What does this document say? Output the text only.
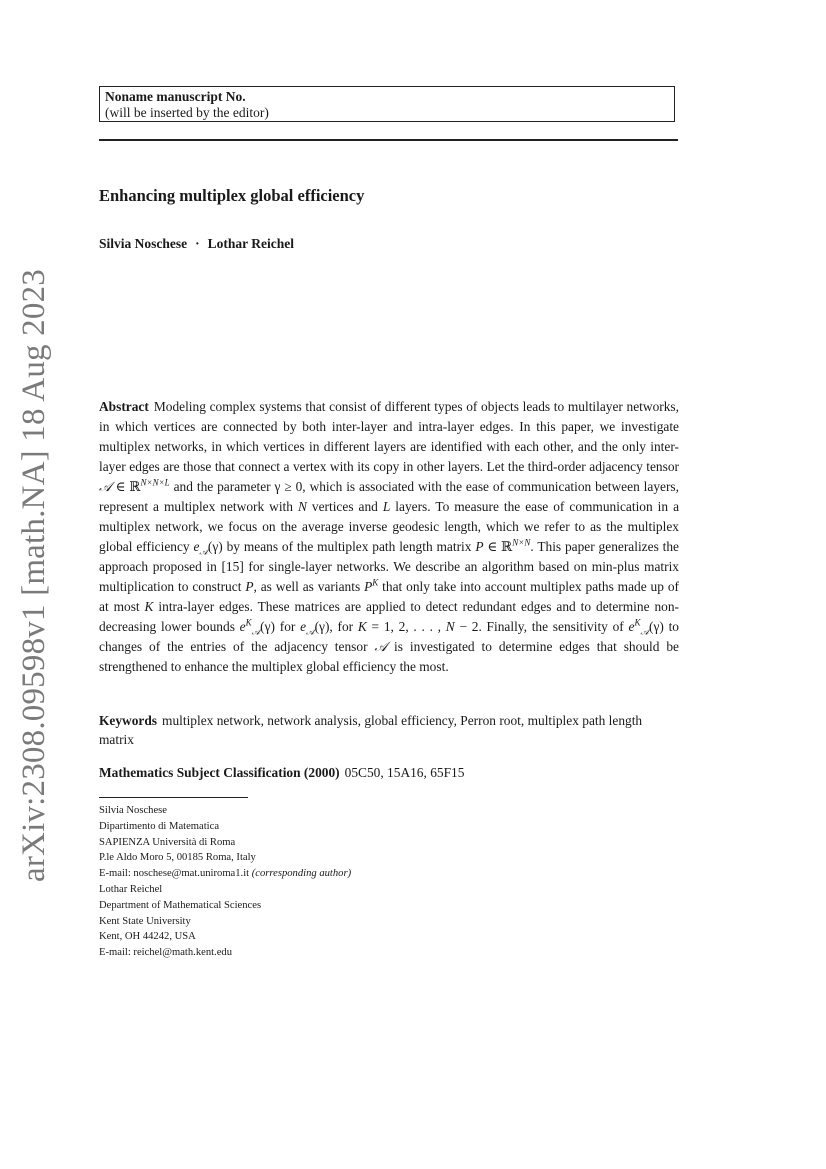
arXiv:2308.09598v1 [math.NA] 18 Aug 2023
Noname manuscript No.
(will be inserted by the editor)
Enhancing multiplex global efficiency
Silvia Noschese · Lothar Reichel

Abstract Modeling complex systems that consist of different types of objects leads to multilayer networks, in which vertices are connected by both inter-layer and intra-layer edges. In this paper, we investigate multiplex networks, in which vertices in different layers are identified with each other, and the only inter-layer edges are those that connect a vertex with its copy in other layers. Let the third-order adjacency tensor 𝒜 ∈ ℝ$^{N\times N\times L}$ and the parameter γ ≥ 0, which is associated with the ease of communication between layers, represent a multiplex network with N vertices and L layers. To measure the ease of communication in a multiplex network, we focus on the average inverse geodesic length, which we refer to as the multiplex global efficiency $e_𝒜(\gamma)$ by means of the multiplex path length matrix P ∈ ℝ$^{N\times N}$. This paper generalizes the approach proposed in [15] for single-layer networks. We describe an algorithm based on min-plus matrix multiplication to construct P, as well as variants $P^K$ that only take into account multiplex paths made up of at most K intra-layer edges. These matrices are applied to detect redundant edges and to determine non-decreasing lower bounds $e^K_𝒜(\gamma)$ for $e_𝒜(\gamma)$, for K = 1, 2, . . . , N − 2. Finally, the sensitivity of $e^K_𝒜(\gamma)$ to changes of the entries of the adjacency tensor 𝒜 is investigated to determine edges that should be strengthened to enhance the multiplex global efficiency the most.

Keywords multiplex network, network analysis, global efficiency, Perron root, multiplex path length matrix

Mathematics Subject Classification (2000) 05C50, 15A16, 65F15

Silvia Noschese
Dipartimento di Matematica
SAPIENZA Università di Roma
P.le Aldo Moro 5, 00185 Roma, Italy
E-mail: noschese@mat.uniroma1.it (corresponding author)
Lothar Reichel
Department of Mathematical Sciences
Kent State University
Kent, OH 44242, USA
E-mail: reichel@math.kent.edu
